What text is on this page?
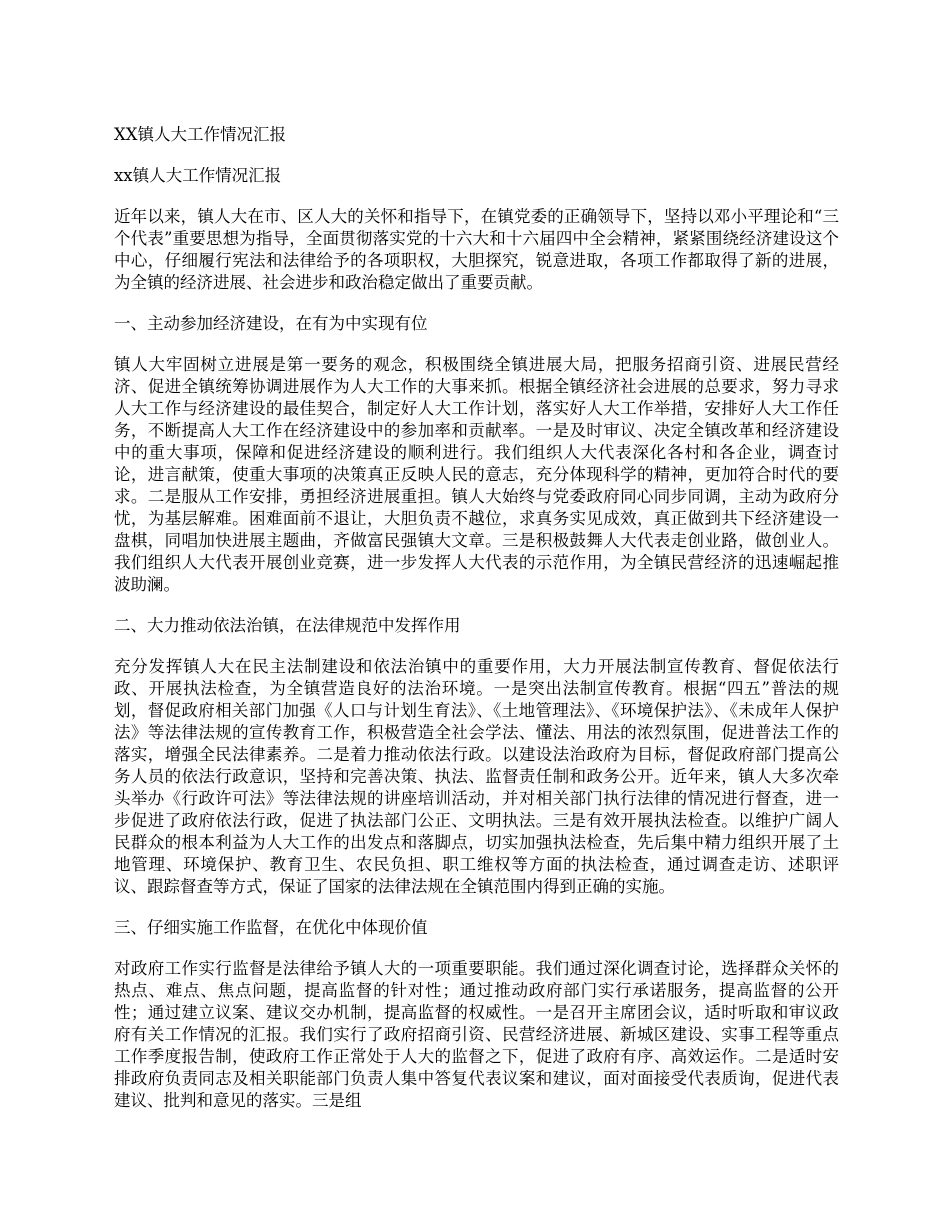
XX镇人大工作情况汇报
xx镇人大工作情况汇报
近年以来，镇人大在市、区人大的关怀和指导下，在镇党委的正确领导下，坚持以邓小平理论和“三个代表”重要思想为指导，全面贯彻落实党的十六大和十六届四中全会精神，紧紧围绕经济建设这个中心，仔细履行宪法和法律给予的各项职权，大胆探究，锐意进取，各项工作都取得了新的进展，为全镇的经济进展、社会进步和政治稳定做出了重要贡献。
一、主动参加经济建设，在有为中实现有位
镇人大牢固树立进展是第一要务的观念，积极围绕全镇进展大局，把服务招商引资、进展民营经济、促进全镇统筹协调进展作为人大工作的大事来抓。根据全镇经济社会进展的总要求，努力寻求人大工作与经济建设的最佳契合，制定好人大工作计划，落实好人大工作举措，安排好人大工作任务，不断提高人大工作在经济建设中的参加率和贡献率。一是及时审议、决定全镇改革和经济建设中的重大事项，保障和促进经济建设的顺利进行。我们组织人大代表深化各村和各企业，调查讨论，进言献策，使重大事项的决策真正反映人民的意志，充分体现科学的精神，更加符合时代的要求。二是服从工作安排，勇担经济进展重担。镇人大始终与党委政府同心同步同调，主动为政府分忧，为基层解难。困难面前不退让，大胆负责不越位，求真务实见成效，真正做到共下经济建设一盘棋，同唱加快进展主题曲，齐做富民强镇大文章。三是积极鼓舞人大代表走创业路，做创业人。我们组织人大代表开展创业竞赛，进一步发挥人大代表的示范作用，为全镇民营经济的迅速崛起推波助澜。
二、大力推动依法治镇，在法律规范中发挥作用
充分发挥镇人大在民主法制建设和依法治镇中的重要作用，大力开展法制宣传教育、督促依法行政、开展执法检查，为全镇营造良好的法治环境。一是突出法制宣传教育。根据“四五”普法的规划，督促政府相关部门加强《人口与计划生育法》、《土地管理法》、《环境保护法》、《未成年人保护法》等法律法规的宣传教育工作，积极营造全社会学法、懂法、用法的浓烈氛围，促进普法工作的落实，增强全民法律素养。二是着力推动依法行政。以建设法治政府为目标，督促政府部门提高公务人员的依法行政意识，坚持和完善决策、执法、监督责任制和政务公开。近年来，镇人大多次牵头举办《行政许可法》等法律法规的讲座培训活动，并对相关部门执行法律的情况进行督查，进一步促进了政府依法行政，促进了执法部门公正、文明执法。三是有效开展执法检查。以维护广阔人民群众的根本利益为人大工作的出发点和落脚点，切实加强执法检查，先后集中精力组织开展了土地管理、环境保护、教育卫生、农民负担、职工维权等方面的执法检查，通过调查走访、述职评议、跟踪督查等方式，保证了国家的法律法规在全镇范围内得到正确的实施。
三、仔细实施工作监督，在优化中体现价值
对政府工作实行监督是法律给予镇人大的一项重要职能。我们通过深化调查讨论，选择群众关怀的热点、难点、焦点问题，提高监督的针对性；通过推动政府部门实行承诺服务，提高监督的公开性；通过建立议案、建议交办机制，提高监督的权威性。一是召开主席团会议，适时听取和审议政府有关工作情况的汇报。我们实行了政府招商引资、民营经济进展、新城区建设、实事工程等重点工作季度报告制，使政府工作正常处于人大的监督之下，促进了政府有序、高效运作。二是适时安排政府负责同志及相关职能部门负责人集中答复代表议案和建议，面对面接受代表质询，促进代表建议、批判和意见的落实。三是组
